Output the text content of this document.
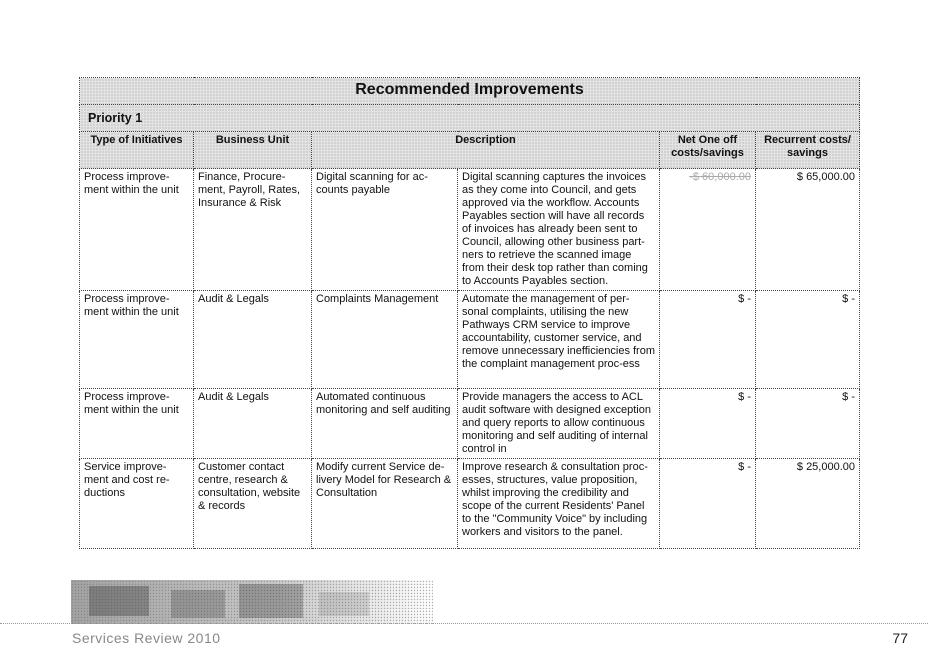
Recommended Improvements					
Priority 1					
Type of Initiatives	Business Unit	Description		Net One off costs/savings	Recurrent costs/ savings
Process improve-ment within the unit	Finance, Procure-ment, Payroll, Rates, Insurance & Risk	Digital scanning for ac-counts payable	Digital scanning captures the invoices as they come into Council, and gets approved via the workflow. Accounts Payables section will have all records of invoices has already been sent to Council, allowing other business part-ners to retrieve the scanned image from their desk top rather than coming to Accounts Payables section.	-$ 60,000.00	$ 65,000.00
Process improve-ment within the unit	Audit & Legals	Complaints Management	Automate the management of per-sonal complaints, utilising the new Pathways CRM service to improve accountability, customer service, and remove unnecessary inefficiencies from the complaint management proc-ess	$ -	$ -
Process improve-ment within the unit	Audit & Legals	Automated continuous monitoring and self auditing	Provide managers the access to ACL audit software with designed exception and query reports to allow continuous monitoring and self auditing of internal control in	$ -	$ -
Service improve-ment and cost re-ductions	Customer contact centre, research & consultation, website & records	Modify current Service de-livery Model for Research & Consultation	Improve research & consultation proc-esses, structures, value proposition, whilst improving the credibility and scope of the current Residents' Panel to the "Community Voice" by including workers and visitors to the panel.	$ -	$ 25,000.00
Services Review 2010	77
